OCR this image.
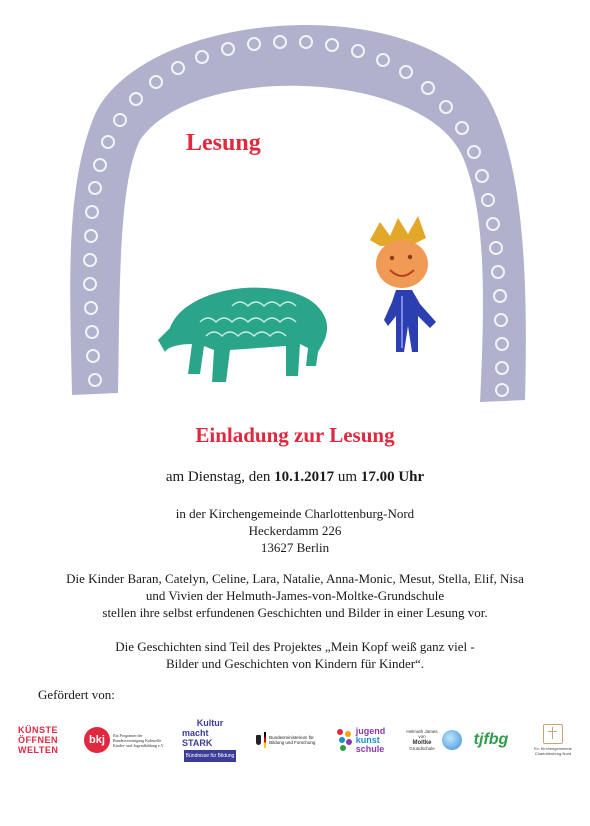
Lesung
Einladung zur Lesung
am Dienstag, den 10.1.2017 um 17.00 Uhr
in der Kirchengemeinde Charlottenburg-Nord
Heckerdamm 226
13627 Berlin
Die Kinder Baran, Catelyn, Celine, Lara, Natalie, Anna-Monic, Mesut, Stella, Elif, Nisa
und Vivien der Helmuth-James-von-Moltke-Grundschule
stellen ihre selbst erfundenen Geschichten und Bilder in einer Lesung vor.
Die Geschichten sind Teil des Projektes „Mein Kopf weiß ganz viel -
Bilder und Geschichten von Kindern für Kinder“.
Gefördert von:
KÜNSTE
ÖFFNEN
WELTEN
bkj	Ein Programm der Bundesvereinigung Kulturelle Kinder- und Jugendbildung e.V.
Kultur
macht STARK
Bündnisse für Bildung
Bundesministerium für Bildung und Forschung
jugend
kunst
schule
Helmuth James von
Moltke
Grundschule
tjfbg
Ev. Kirchengemeinde Charlottenburg-Nord
